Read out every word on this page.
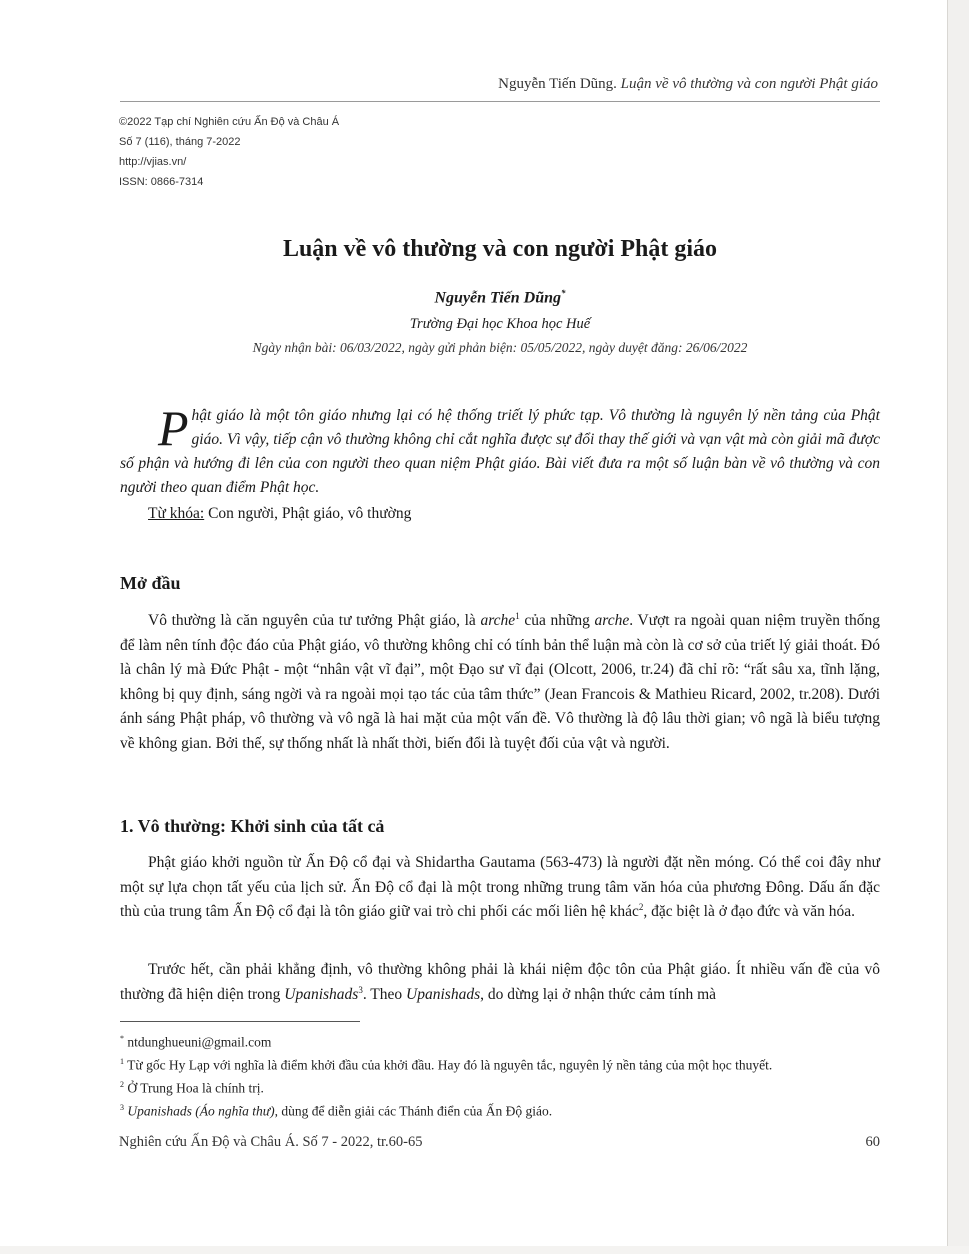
Nguyễn Tiến Dũng. Luận về vô thường và con người Phật giáo
©2022 Tạp chí Nghiên cứu Ấn Độ và Châu Á
Số 7 (116), tháng 7-2022
http://vjias.vn/
ISSN: 0866-7314
Luận về vô thường và con người Phật giáo
Nguyễn Tiến Dũng*
Trường Đại học Khoa học Huế
Ngày nhận bài: 06/03/2022, ngày gửi phản biện: 05/05/2022, ngày duyệt đăng: 26/06/2022

Phật giáo là một tôn giáo nhưng lại có hệ thống triết lý phức tạp. Vô thường là nguyên lý nền tảng của Phật giáo. Vì vậy, tiếp cận vô thường không chỉ cắt nghĩa được sự đổi thay thế giới và vạn vật mà còn giải mã được số phận và hướng đi lên của con người theo quan niệm Phật giáo. Bài viết đưa ra một số luận bàn về vô thường và con người theo quan điểm Phật học.

Từ khóa: Con người, Phật giáo, vô thường
Mở đầu

Vô thường là căn nguyên của tư tưởng Phật giáo, là arche$^1$ của những arche. Vượt ra ngoài quan niệm truyền thống để làm nên tính độc đáo của Phật giáo, vô thường không chỉ có tính bản thể luận mà còn là cơ sở của triết lý giải thoát. Đó là chân lý mà Đức Phật - một “nhân vật vĩ đại”, một Đạo sư vĩ đại (Olcott, 2006, tr.24) đã chỉ rõ: “rất sâu xa, tĩnh lặng, không bị quy định, sáng ngời và ra ngoài mọi tạo tác của tâm thức” (Jean Francois & Mathieu Ricard, 2002, tr.208). Dưới ánh sáng Phật pháp, vô thường và vô ngã là hai mặt của một vấn đề. Vô thường là độ lâu thời gian; vô ngã là biểu tượng về không gian. Bởi thế, sự thống nhất là nhất thời, biến đổi là tuyệt đối của vật và người.

1. Vô thường: Khởi sinh của tất cả

Phật giáo khởi nguồn từ Ấn Độ cổ đại và Shidartha Gautama (563-473) là người đặt nền móng. Có thể coi đây như một sự lựa chọn tất yếu của lịch sử. Ấn Độ cổ đại là một trong những trung tâm văn hóa của phương Đông. Dấu ấn đặc thù của trung tâm Ấn Độ cổ đại là tôn giáo giữ vai trò chi phối các mối liên hệ khác$^2$, đặc biệt là ở đạo đức và văn hóa.

Trước hết, cần phải khẳng định, vô thường không phải là khái niệm độc tôn của Phật giáo. Ít nhiều vấn đề của vô thường đã hiện diện trong Upanishads$^3$. Theo Upanishads, do dừng lại ở nhận thức cảm tính mà

* ntdunghueuni@gmail.com
$^1$ Từ gốc Hy Lạp với nghĩa là điểm khởi đầu của khởi đầu. Hay đó là nguyên tắc, nguyên lý nền tảng của một học thuyết.
$^2$ Ở Trung Hoa là chính trị.
$^3$ Upanishads (Áo nghĩa thư), dùng để diễn giải các Thánh điển của Ấn Độ giáo.
Nghiên cứu Ấn Độ và Châu Á. Số 7 - 2022, tr.60-65	60
